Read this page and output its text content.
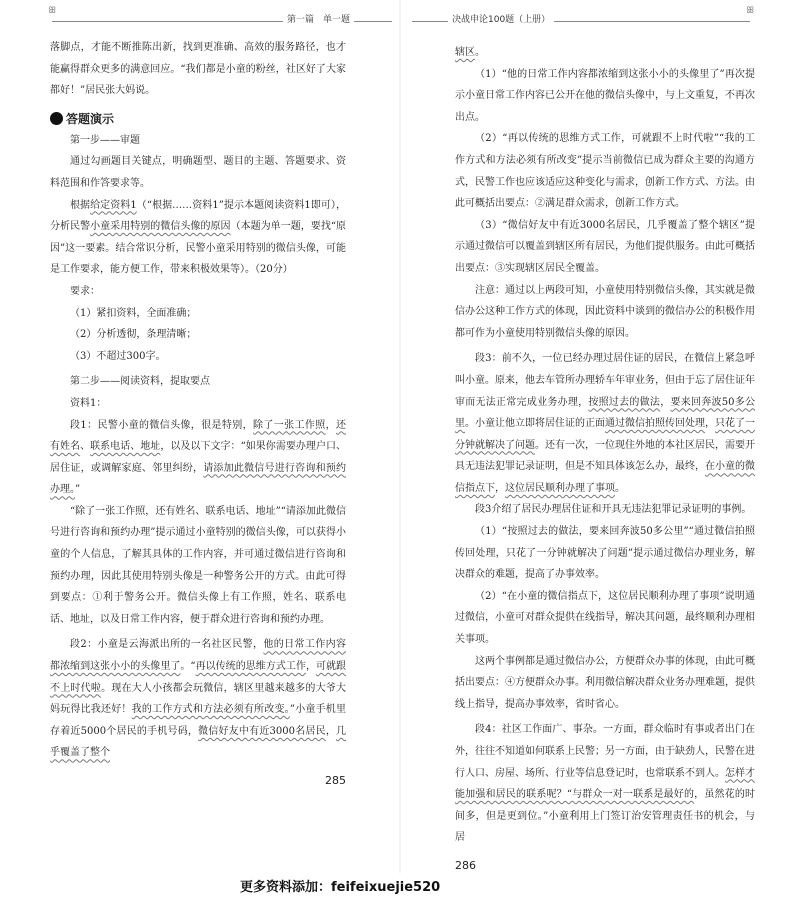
ꕥ
第一篇　单一题

落脚点，才能不断推陈出新，找到更准确、高效的服务路径，也才能赢得群众更多的满意回应。“我们都是小童的粉丝，社区好了大家都好！”居民张大妈说。

答题演示

第一步——审题

通过勾画题目关键点，明确题型、题目的主题、答题要求、资料范围和作答要求等。

根据给定资料1（“根据……资料1”提示本题阅读资料1即可），分析民警小童采用特别的微信头像的原因（本题为单一题，要找“原因”这一要素。结合常识分析，民警小童采用特别的微信头像，可能是工作要求，能方便工作，带来积极效果等）。（20分）

要求：

（1）紧扣资料，全面准确；

（2）分析透彻，条理清晰；

（3）不超过300字。

第二步——阅读资料，提取要点

资料1：

段1：民警小童的微信头像，很是特别，除了一张工作照，还有姓名、联系电话、地址，以及以下文字：“如果你需要办理户口、居住证，或调解家庭、邻里纠纷，请添加此微信号进行咨询和预约办理。”

“除了一张工作照，还有姓名、联系电话、地址”“请添加此微信号进行咨询和预约办理”提示通过小童特别的微信头像，可以获得小童的个人信息，了解其具体的工作内容，并可通过微信进行咨询和预约办理，因此其使用特别头像是一种警务公开的方式。由此可得到要点：①利于警务公开。微信头像上有工作照，姓名、联系电话、地址，以及日常工作内容，便于群众进行咨询和预约办理。

段2：小童是云海派出所的一名社区民警，他的日常工作内容都浓缩到这张小小的头像里了。“再以传统的思维方式工作，可就跟不上时代啦。现在大人小孩都会玩微信，辖区里越来越多的大爷大妈玩得比我还好！我的工作方式和方法必须有所改变。”小童手机里存着近5000个居民的手机号码，微信好友中有近3000名居民，几乎覆盖了整个

285
ꕥ
决战申论100题（上册）

辖区。

（1）“他的日常工作内容都浓缩到这张小小的头像里了”再次提示小童日常工作内容已公开在他的微信头像中，与上文重复，不再次出点。

（2）“再以传统的思维方式工作，可就跟不上时代啦”“我的工作方式和方法必须有所改变”提示当前微信已成为群众主要的沟通方式，民警工作也应该适应这种变化与需求，创新工作方式、方法。由此可概括出要点：②满足群众需求，创新工作方式。

（3）“微信好友中有近3000名居民，几乎覆盖了整个辖区”提示通过微信可以覆盖到辖区所有居民，为他们提供服务。由此可概括出要点：③实现辖区居民全覆盖。

注意：通过以上两段可知，小童使用特别微信头像，其实就是微信办公这种工作方式的体现，因此资料中谈到的微信办公的积极作用都可作为小童使用特别微信头像的原因。

段3：前不久，一位已经办理过居住证的居民，在微信上紧急呼叫小童。原来，他去车管所办理轿车年审业务，但由于忘了居住证年审而无法正常完成业务办理，按照过去的做法，要来回奔波50多公里。小童让他立即将居住证的正面通过微信拍照传回处理，只花了一分钟就解决了问题。还有一次，一位现住外地的本社区居民，需要开具无违法犯罪记录证明，但是不知具体该怎么办，最终，在小童的微信指点下，这位居民顺利办理了事项。

段3介绍了居民办理居住证和开具无违法犯罪记录证明的事例。

（1）“按照过去的做法，要来回奔波50多公里”“通过微信拍照传回处理，只花了一分钟就解决了问题”提示通过微信办理业务，解决群众的难题，提高了办事效率。

（2）“在小童的微信指点下，这位居民顺利办理了事项”说明通过微信，小童可对群众提供在线指导，解决其问题，最终顺利办理相关事项。

这两个事例都是通过微信办公，方便群众办事的体现，由此可概括出要点：④方便群众办事。利用微信解决群众业务办理难题，提供线上指导，提高办事效率，省时省心。

段4：社区工作面广、事杂。一方面，群众临时有事或者出门在外，往往不知道如何联系上民警；另一方面，由于缺劲人，民警在进行人口、房屋、场所、行业等信息登记时，也常联系不到人。怎样才能加强和居民的联系呢？“与群众一对一联系是最好的，虽然花的时间多，但是更到位。”小童利用上门签订治安管理责任书的机会，与居

286
更多资料添加：feifeixuejie520
